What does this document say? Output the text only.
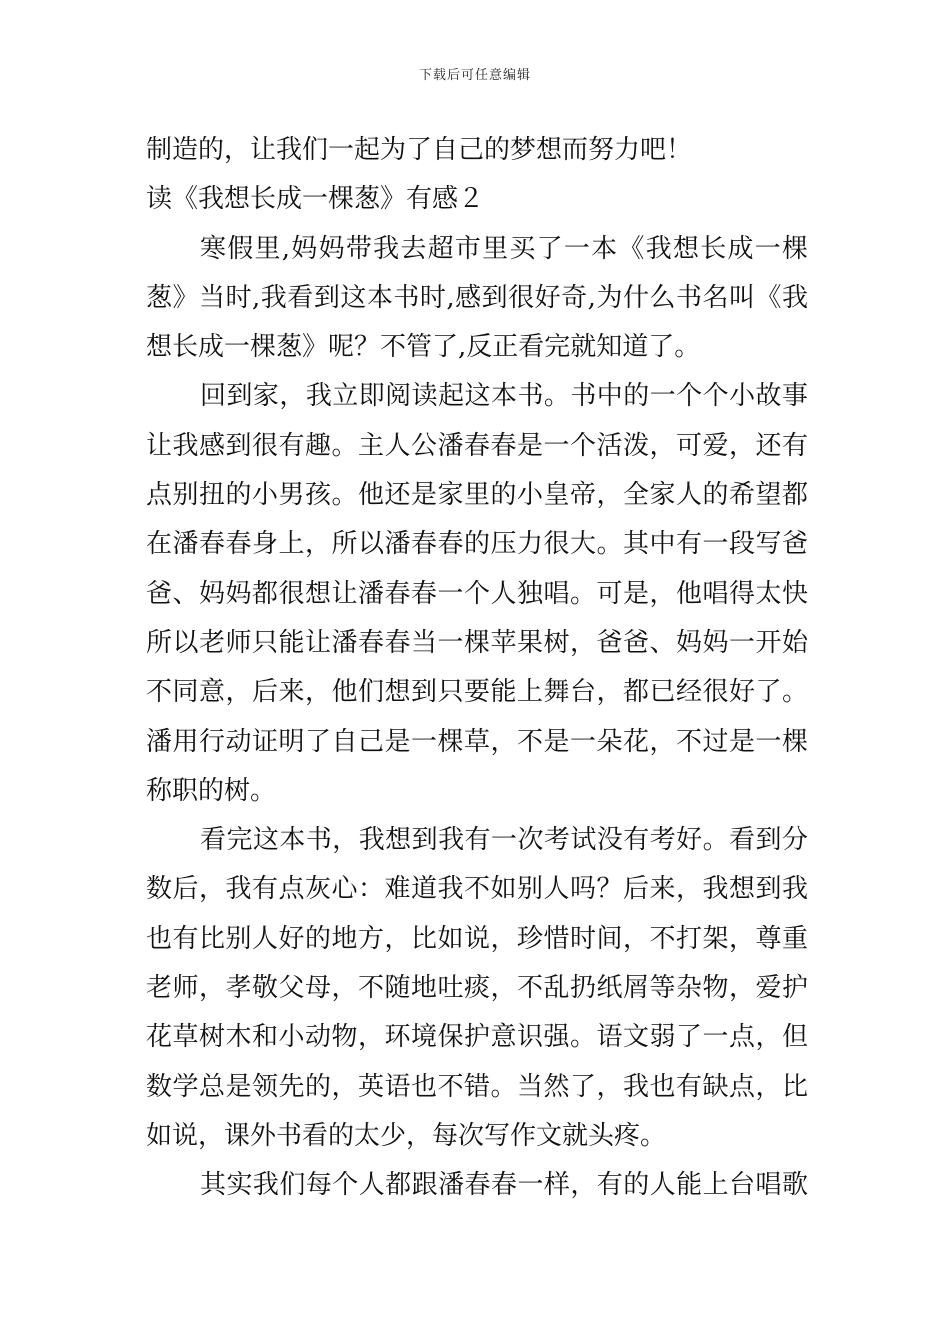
下载后可任意编辑
制造的，让我们一起为了自己的梦想而努力吧！
读《我想长成一棵葱》有感２
寒假里,妈妈带我去超市里买了一本《我想长成一棵
葱》当时,我看到这本书时,感到很好奇,为什么书名叫《我
想长成一棵葱》呢？不管了,反正看完就知道了。
回到家，我立即阅读起这本书。书中的一个个小故事
让我感到很有趣。主人公潘春春是一个活泼，可爱，还有
点别扭的小男孩。他还是家里的小皇帝，全家人的希望都
在潘春春身上，所以潘春春的压力很大。其中有一段写爸
爸、妈妈都很想让潘春春一个人独唱。可是，他唱得太快
所以老师只能让潘春春当一棵苹果树，爸爸、妈妈一开始
不同意，后来，他们想到只要能上舞台，都已经很好了。
潘用行动证明了自己是一棵草，不是一朵花，不过是一棵
称职的树。
看完这本书，我想到我有一次考试没有考好。看到分
数后，我有点灰心：难道我不如别人吗？后来，我想到我
也有比别人好的地方，比如说，珍惜时间，不打架，尊重
老师，孝敬父母，不随地吐痰，不乱扔纸屑等杂物，爱护
花草树木和小动物，环境保护意识强。语文弱了一点，但
数学总是领先的，英语也不错。当然了，我也有缺点，比
如说，课外书看的太少，每次写作文就头疼。
其实我们每个人都跟潘春春一样，有的人能上台唱歌
